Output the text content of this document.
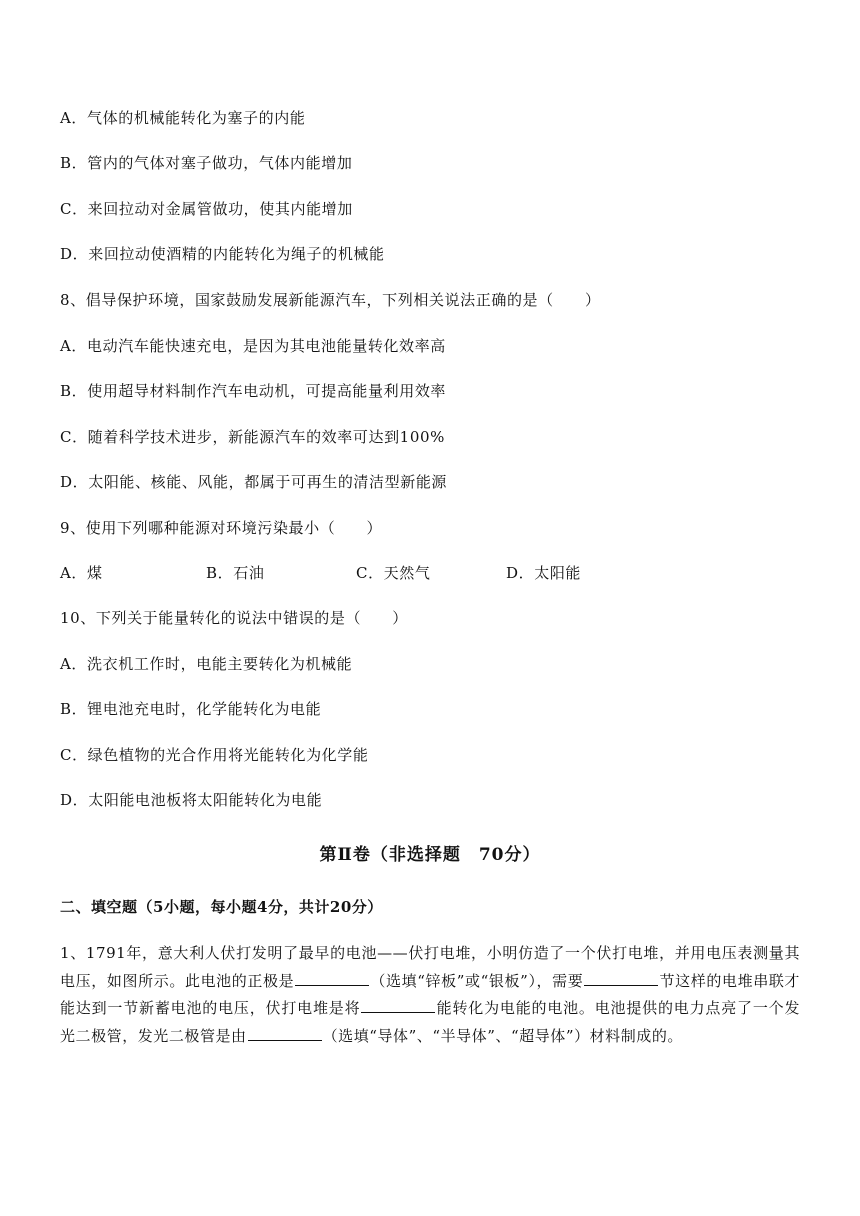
A．气体的机械能转化为塞子的内能
B．管内的气体对塞子做功，气体内能增加
C．来回拉动对金属管做功，使其内能增加
D．来回拉动使酒精的内能转化为绳子的机械能
8、倡导保护环境，国家鼓励发展新能源汽车，下列相关说法正确的是（　　）
A．电动汽车能快速充电，是因为其电池能量转化效率高
B．使用超导材料制作汽车电动机，可提高能量利用效率
C．随着科学技术进步，新能源汽车的效率可达到100%
D．太阳能、核能、风能，都属于可再生的清洁型新能源
9、使用下列哪种能源对环境污染最小（　　）
A．煤	B．石油	C．天然气	D．太阳能
10、下列关于能量转化的说法中错误的是（　　）
A．洗衣机工作时，电能主要转化为机械能
B．锂电池充电时，化学能转化为电能
C．绿色植物的光合作用将光能转化为化学能
D．太阳能电池板将太阳能转化为电能
第Ⅱ卷（非选择题　70分）
二、填空题（5小题，每小题4分，共计20分）
1、1791年，意大利人伏打发明了最早的电池——伏打电堆，小明仿造了一个伏打电堆，并用电压表测量其电压，如图所示。此电池的正极是	（选填“锌板”或“银板”），需要	节这样的电堆串联才能达到一节新蓄电池的电压，伏打电堆是将	能转化为电能的电池。电池提供的电力点亮了一个发光二极管，发光二极管是由	（选填“导体”、“半导体”、“超导体”）材料制成的。
